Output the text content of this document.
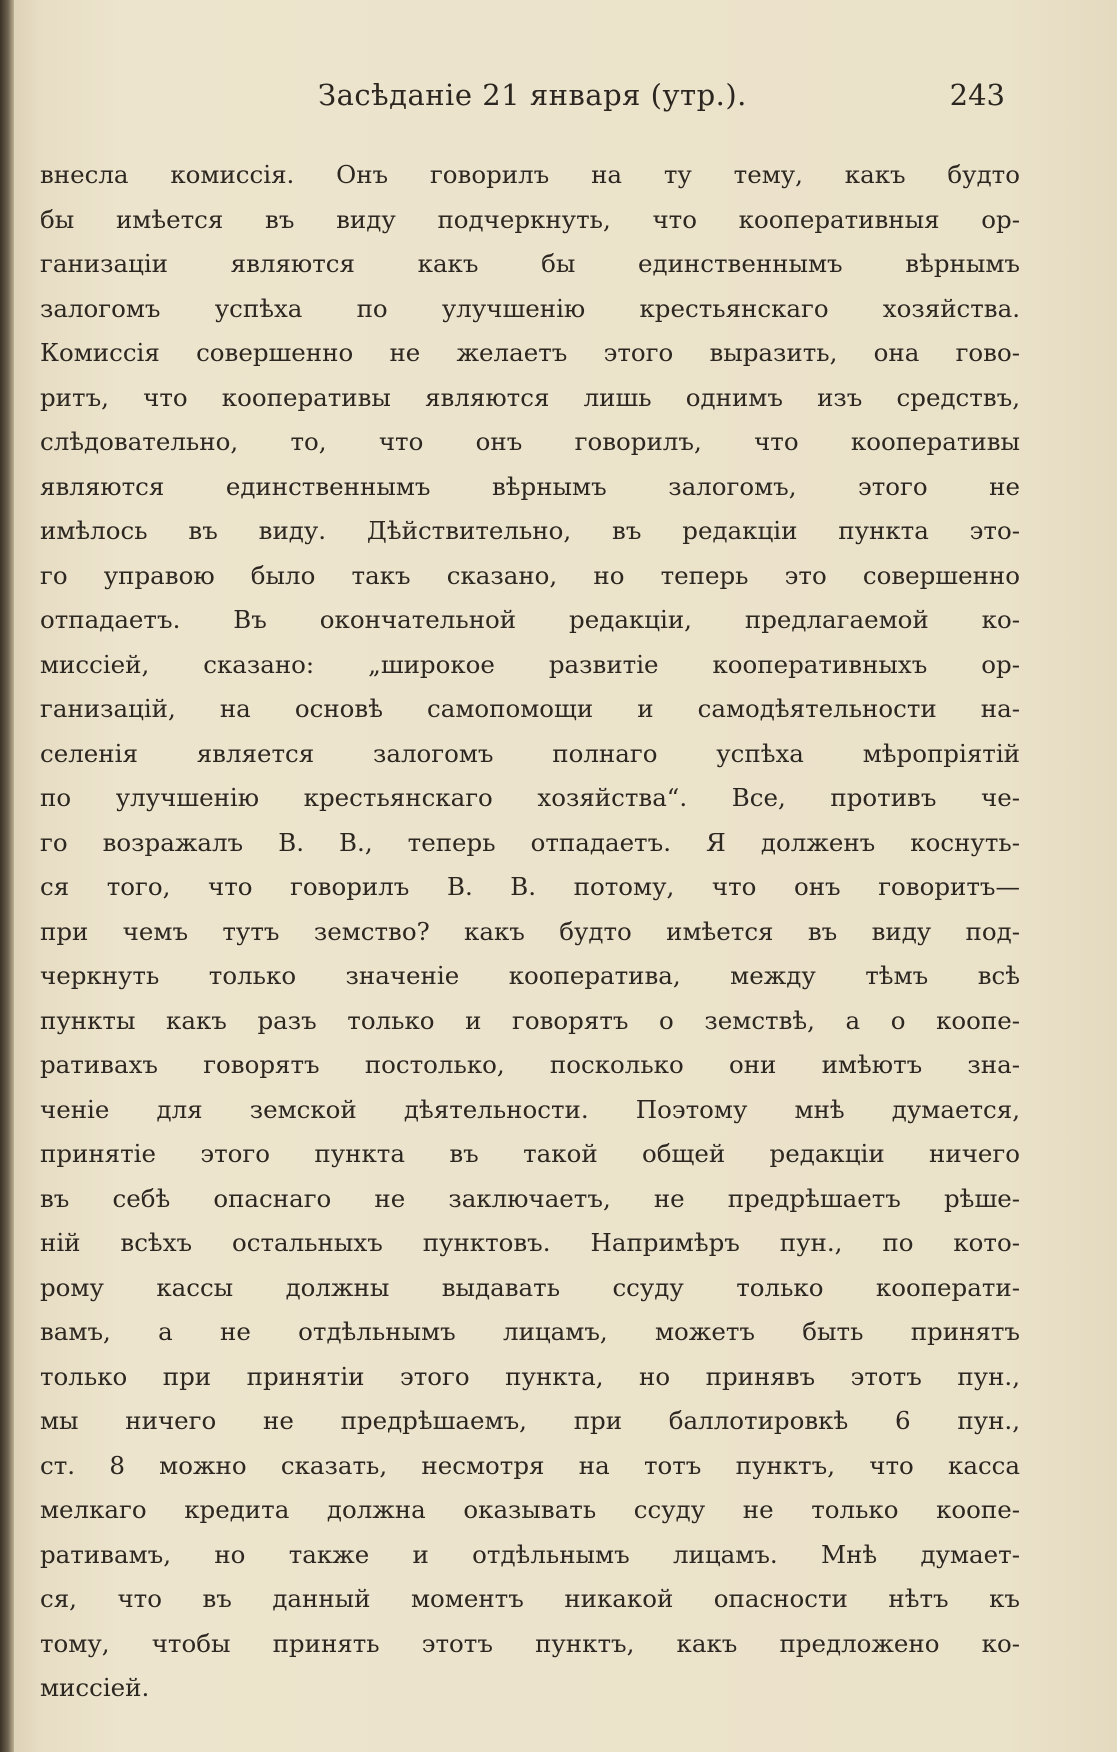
Засѣданіе 21 января (утр.).	243
внесла комиссія. Онъ говорилъ на ту тему, какъ будто
бы имѣется въ виду подчеркнуть, что кооперативныя ор-
ганизаціи являются какъ бы единственнымъ вѣрнымъ
залогомъ успѣха по улучшенію крестьянскаго хозяйства.
Комиссія совершенно не желаетъ этого выразить, она гово-
ритъ, что кооперативы являются лишь однимъ изъ средствъ,
слѣдовательно, то, что онъ говорилъ, что кооперативы
являются единственнымъ вѣрнымъ залогомъ, этого не
имѣлось въ виду. Дѣйствительно, въ редакціи пункта это-
го управою было такъ сказано, но теперь это совершенно
отпадаетъ. Въ окончательной редакціи, предлагаемой ко-
миссіей, сказано: „широкое развитіе кооперативныхъ ор-
ганизацій, на основѣ самопомощи и самодѣятельности на-
селенія является залогомъ полнаго успѣха мѣропріятій
по улучшенію крестьянскаго хозяйства“. Все, противъ че-
го возражалъ В. В., теперь отпадаетъ. Я долженъ коснуть-
ся того, что говорилъ В. В. потому, что онъ говоритъ—
при чемъ тутъ земство? какъ будто имѣется въ виду под-
черкнуть только значеніе кооператива, между тѣмъ всѣ
пункты какъ разъ только и говорятъ о земствѣ, а о коопе-
ративахъ говорятъ постолько, посколько они имѣютъ зна-
ченіе для земской дѣятельности. Поэтому мнѣ думается,
принятіе этого пункта въ такой общей редакціи ничего
въ себѣ опаснаго не заключаетъ, не предрѣшаетъ рѣше-
ній всѣхъ остальныхъ пунктовъ. Напримѣръ пун., по кото-
рому кассы должны выдавать ссуду только кооперати-
вамъ, а не отдѣльнымъ лицамъ, можетъ быть принятъ
только при принятіи этого пункта, но принявъ этотъ пун.,
мы ничего не предрѣшаемъ, при баллотировкѣ 6 пун.,
ст. 8 можно сказать, несмотря на тотъ пунктъ, что касса
мелкаго кредита должна оказывать ссуду не только коопе-
ративамъ, но также и отдѣльнымъ лицамъ. Мнѣ думает-
ся, что въ данный моментъ никакой опасности нѣтъ къ
тому, чтобы принять этотъ пунктъ, какъ предложено ко-
миссіей.
